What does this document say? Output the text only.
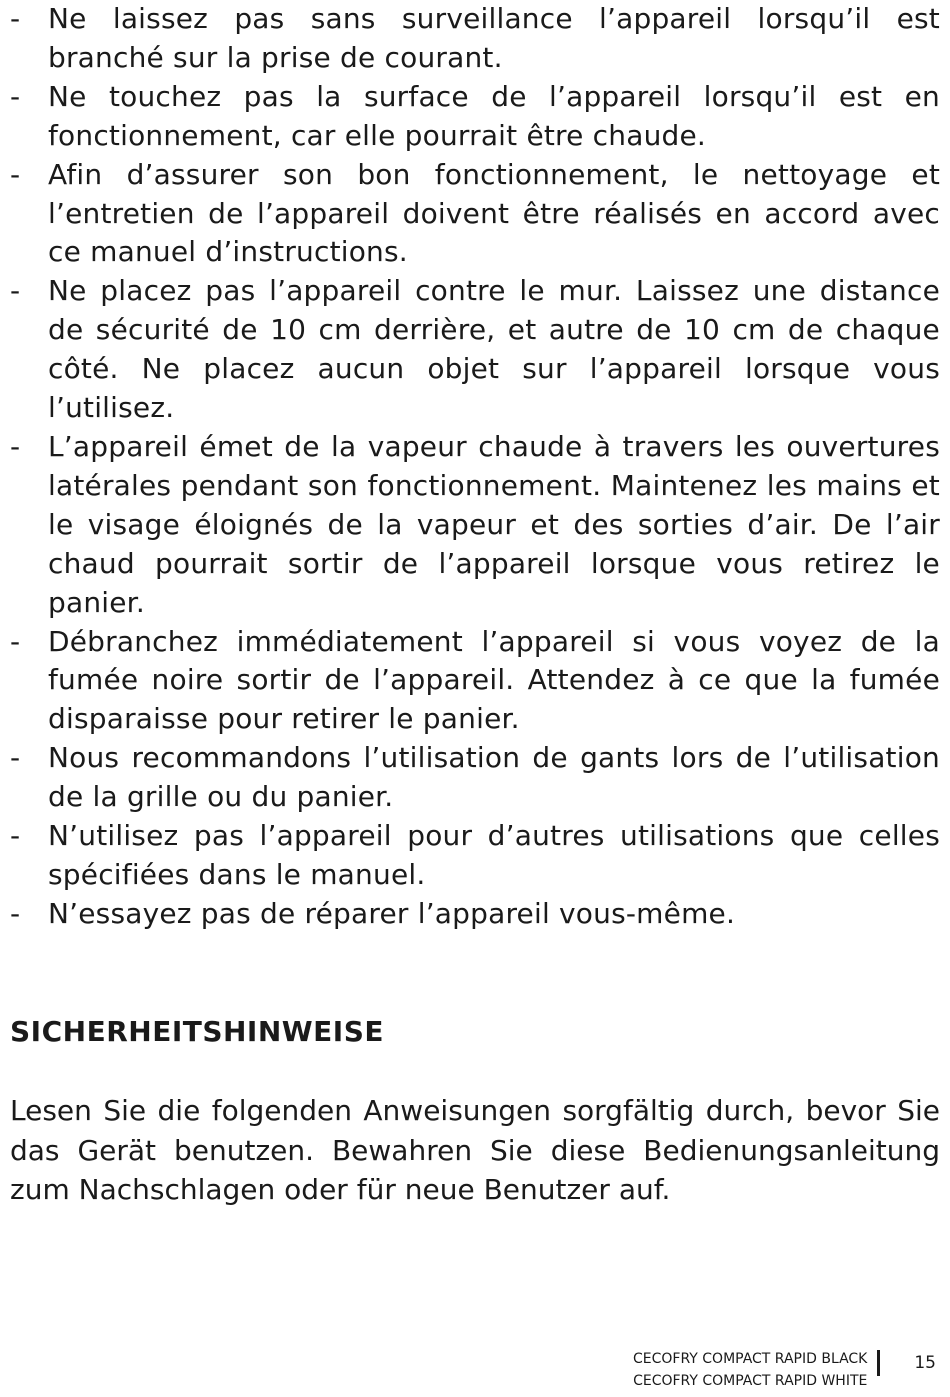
- Ne laissez pas sans surveillance l’appareil lorsqu’il est branché sur la prise de courant.
- Ne touchez pas la surface de l’appareil lorsqu’il est en fonctionnement, car elle pourrait être chaude.
- Afin d’assurer son bon fonctionnement, le nettoyage et l’entretien de l’appareil doivent être réalisés en accord avec ce manuel d’instructions.
- Ne placez pas l’appareil contre le mur. Laissez une distance de sécurité de 10 cm derrière, et autre de 10 cm de chaque côté. Ne placez aucun objet sur l’appareil lorsque vous l’utilisez.
- L’appareil émet de la vapeur chaude à travers les ouvertures latérales pendant son fonctionnement. Maintenez les mains et le visage éloignés de la vapeur et des sorties d’air. De l’air chaud pourrait sortir de l’appareil lorsque vous retirez le panier.
- Débranchez immédiatement l’appareil si vous voyez de la fumée noire sortir de l’appareil. Attendez à ce que la fumée disparaisse pour retirer le panier.
- Nous recommandons l’utilisation de gants lors de l’utilisation de la grille ou du panier.
- N’utilisez pas l’appareil pour d’autres utilisations que celles spécifiées dans le manuel.
- N’essayez pas de réparer l’appareil vous-même.
SICHERHEITSHINWEISE

Lesen Sie die folgenden Anweisungen sorgfältig durch, bevor Sie das Gerät benutzen. Bewahren Sie diese Bedienungsanleitung zum Nachschlagen oder für neue Benutzer auf.

CECOFRY COMPACT RAPID BLACK
CECOFRY COMPACT RAPID WHITE
15
